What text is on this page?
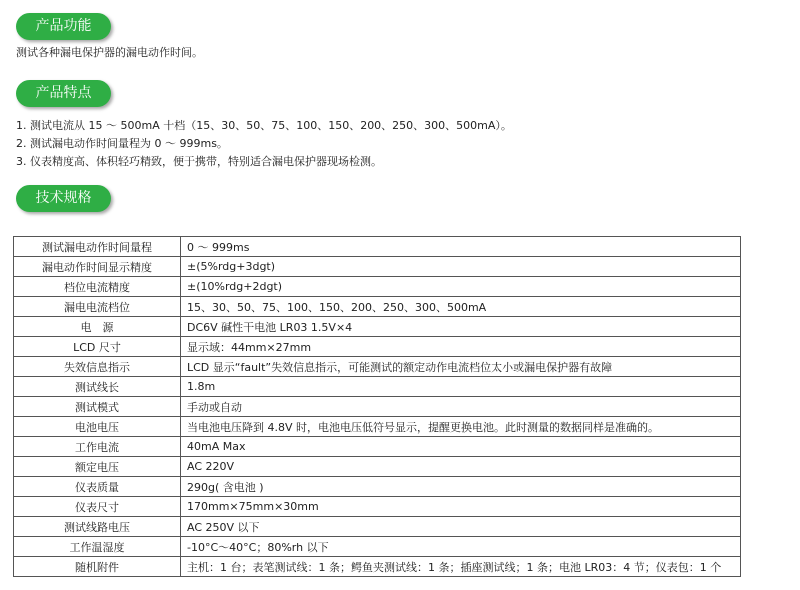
产品功能
测试各种漏电保护器的漏电动作时间。
产品特点
1. 测试电流从 15 ～ 500mA 十档（15、30、50、75、100、150、200、250、300、500mA）。
2. 测试漏电动作时间量程为 0 ～ 999ms。
3. 仪表精度高、体积轻巧精致，便于携带，特别适合漏电保护器现场检测。
技术规格
测试漏电动作时间量程	0 ～ 999ms
漏电动作时间显示精度	±(5%rdg+3dgt)
档位电流精度	±(10%rdg+2dgt)
漏电电流档位	15、30、50、75、100、150、200、250、300、500mA
电　源	DC6V 碱性干电池 LR03 1.5V×4
LCD 尺寸	显示域：44mm×27mm
失效信息指示	LCD 显示“fault”失效信息指示，可能测试的额定动作电流档位太小或漏电保护器有故障
测试线长	1.8m
测试模式	手动或自动
电池电压	当电池电压降到 4.8V 时，电池电压低符号显示，提醒更换电池。此时测量的数据同样是准确的。
工作电流	40mA Max
额定电压	AC 220V
仪表质量	290g( 含电池 )
仪表尺寸	170mm×75mm×30mm
测试线路电压	AC 250V 以下
工作温湿度	-10°C～40°C；80%rh 以下
随机附件	主机：1 台；表笔测试线：1 条；鳄鱼夹测试线：1 条；插座测试线；1 条；电池 LR03：4 节；仪表包：1 个
